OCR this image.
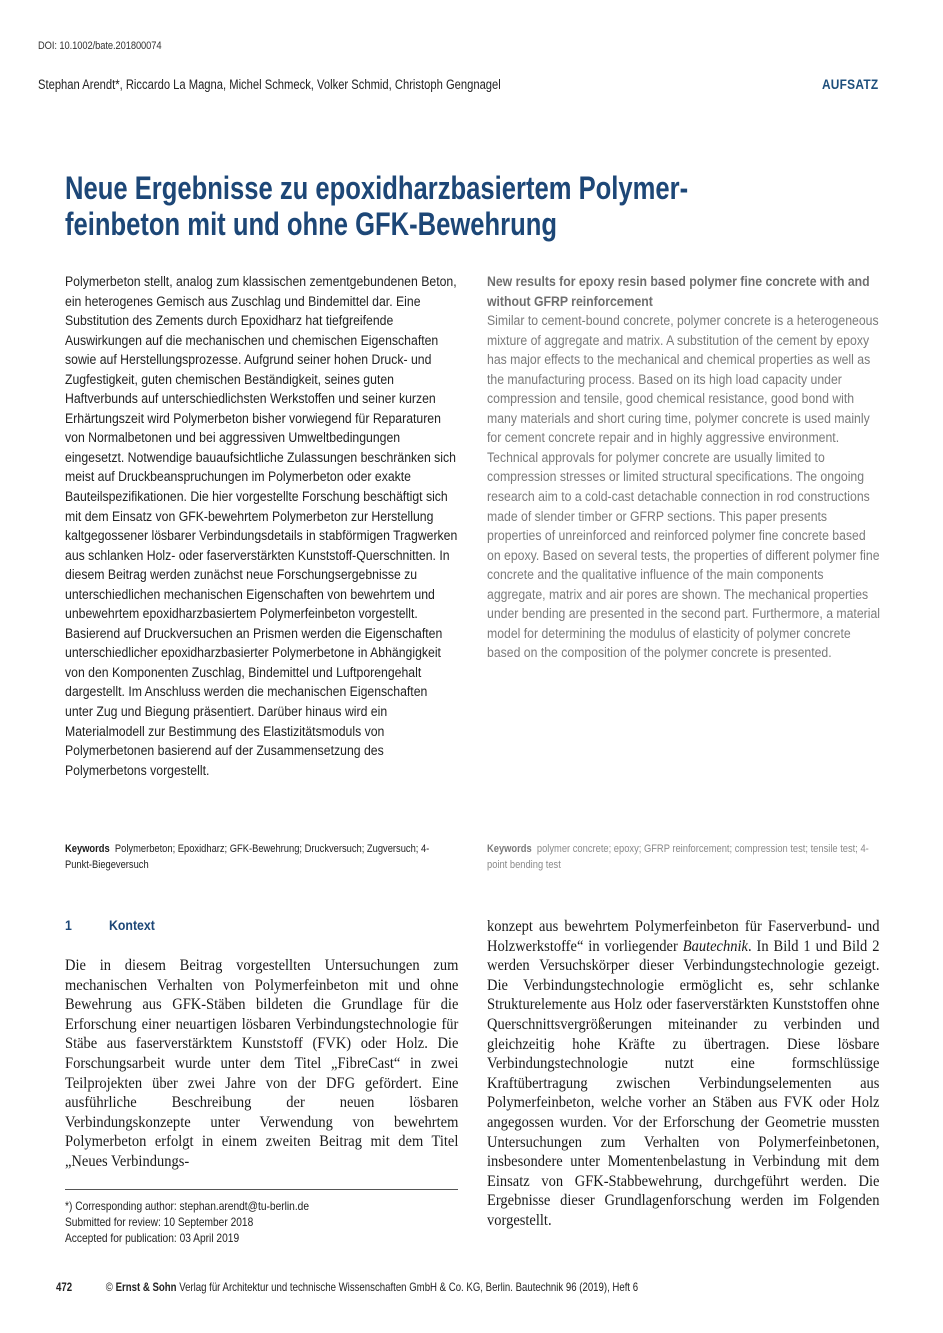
DOI: 10.1002/bate.201800074
Stephan Arendt*, Riccardo La Magna, Michel Schmeck, Volker Schmid, Christoph Gengnagel	AUFSATZ
Neue Ergebnisse zu epoxidharzbasiertem Polymer-
feinbeton mit und ohne GFK-Bewehrung

Polymerbeton stellt, analog zum klassischen zementgebundenen Beton, ein heterogenes Gemisch aus Zuschlag und Bindemittel dar. Eine Substitution des Zements durch Epoxidharz hat tiefgreifende Auswirkungen auf die mechanischen und chemischen Eigenschaften sowie auf Herstellungsprozesse. Aufgrund seiner hohen Druck- und Zugfestigkeit, guten chemischen Beständigkeit, seines guten Haftverbunds auf unterschiedlichsten Werkstoffen und seiner kurzen Erhärtungszeit wird Polymerbeton bisher vorwiegend für Reparaturen von Normalbetonen und bei aggressiven Umweltbedingungen eingesetzt. Notwendige bauaufsichtliche Zulassungen beschränken sich meist auf Druckbeanspruchungen im Polymerbeton oder exakte Bauteilspezifikationen. Die hier vorgestellte Forschung beschäftigt sich mit dem Einsatz von GFK-bewehrtem Polymerbeton zur Herstellung kaltgegossener lösbarer Verbindungsdetails in stabförmigen Tragwerken aus schlanken Holz- oder faserverstärkten Kunststoff-Querschnitten. In diesem Beitrag werden zunächst neue Forschungsergebnisse zu unterschiedlichen mechanischen Eigenschaften von bewehrtem und unbewehrtem epoxidharzbasiertem Polymerfeinbeton vorgestellt. Basierend auf Druckversuchen an Prismen werden die Eigenschaften unterschiedlicher epoxidharzbasierter Polymerbetone in Abhängigkeit von den Komponenten Zuschlag, Bindemittel und Luftporengehalt dargestellt. Im Anschluss werden die mechanischen Eigenschaften unter Zug und Biegung präsentiert. Darüber hinaus wird ein Materialmodell zur Bestimmung des Elastizitätsmoduls von Polymerbetonen basierend auf der Zusammensetzung des Polymerbetons vorgestellt.

New results for epoxy resin based polymer fine concrete with and without GFRP reinforcement

Similar to cement-bound concrete, polymer concrete is a heterogeneous mixture of aggregate and matrix. A substitution of the cement by epoxy has major effects to the mechanical and chemical properties as well as the manufacturing process. Based on its high load capacity under compression and tensile, good chemical resistance, good bond with many materials and short curing time, polymer concrete is used mainly for cement concrete repair and in highly aggressive environment. Technical approvals for polymer concrete are usually limited to compression stresses or limited structural specifications. The ongoing research aim to a cold-cast detachable connection in rod constructions made of slender timber or GFRP sections. This paper presents properties of unreinforced and reinforced polymer fine concrete based on epoxy. Based on several tests, the properties of different polymer fine concrete and the qualitative influence of the main components aggregate, matrix and air pores are shown. The mechanical properties under bending are presented in the second part. Furthermore, a material model for determining the modulus of elasticity of polymer concrete based on the composition of the polymer concrete is presented.

Keywords Polymerbeton; Epoxidharz; GFK-Bewehrung; Druckversuch; Zugversuch; 4-Punkt-Biegeversuch
Keywords polymer concrete; epoxy; GFRP reinforcement; compression test; tensile test; 4-point bending test
1	Kontext

Die in diesem Beitrag vorgestellten Untersuchungen zum mechanischen Verhalten von Polymerfeinbeton mit und ohne Bewehrung aus GFK-Stäben bildeten die Grundlage für die Erforschung einer neuartigen lösbaren Verbindungstechnologie für Stäbe aus faserverstärktem Kunststoff (FVK) oder Holz. Die Forschungsarbeit wurde unter dem Titel „FibreCast“ in zwei Teilprojekten über zwei Jahre von der DFG gefördert. Eine ausführliche Beschreibung der neuen lösbaren Verbindungskonzepte unter Verwendung von bewehrtem Polymerbeton erfolgt in einem zweiten Beitrag mit dem Titel „Neues Verbindungs-

konzept aus bewehrtem Polymerfeinbeton für Faserverbund- und Holzwerkstoffe“ in vorliegender Bautechnik. In Bild 1 und Bild 2 werden Versuchskörper dieser Verbindungstechnologie gezeigt. Die Verbindungstechnologie ermöglicht es, sehr schlanke Strukturelemente aus Holz oder faserverstärkten Kunststoffen ohne Querschnittsvergrößerungen miteinander zu verbinden und gleichzeitig hohe Kräfte zu übertragen. Diese lösbare Verbindungstechnologie nutzt eine formschlüssige Kraftübertragung zwischen Verbindungselementen aus Polymerfeinbeton, welche vorher an Stäben aus FVK oder Holz angegossen wurden. Vor der Erforschung der Geometrie mussten Untersuchungen zum Verhalten von Polymerfeinbetonen, insbesondere unter Momentenbelastung in Verbindung mit dem Einsatz von GFK-Stabbewehrung, durchgeführt werden. Die Ergebnisse dieser Grundlagenforschung werden im Folgenden vorgestellt.

*) Corresponding author: stephan.arendt@tu-berlin.de
Submitted for review: 10 September 2018
Accepted for publication: 03 April 2019
472	© Ernst & Sohn Verlag für Architektur und technische Wissenschaften GmbH & Co. KG, Berlin. Bautechnik 96 (2019), Heft 6
